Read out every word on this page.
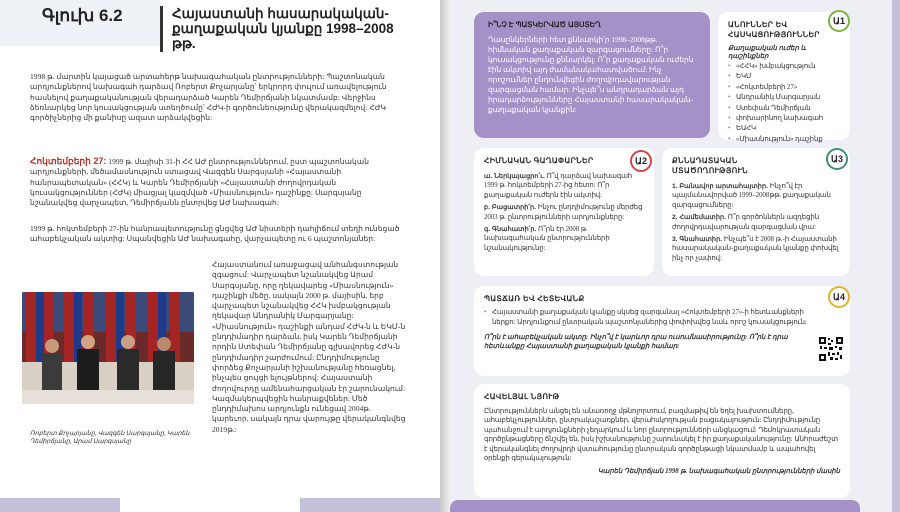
Գլուխ 6.2	Հայաստանի հասարակական-քաղաքական կյանքը 1998–2008 թթ.

1998 թ. մարտին կայացած արտահերթ նախագահական ընտրությունների: Պաշտոնական արդյունքներով նախագահ դարձավ Ռոբերտ Քոչարյանը՝ երկրորդ փուլում առավելություն հասնելով քաղաքականության վերադարձած Կարեն Դեմիրճյանի նկատմամբ: Վերջինս ձեռնարկեց նոր կուսակցության ստեղծումը՝ ՀԺԿ-ի գործունեությունը վերակազմելով: ՀԺԿ գործիչներից մի քանիսը ազատ արձակվեցին:

Հոկտեմբերի 27: 1999 թ. մայիսի 31-ի ՀՀ ԱԺ ընտրություններում, ըստ պաշտոնական արդյունքների, մեծամասնություն ստացավ Վազգեն Սարգսյանի «Հայաստանի հանրապետական» (ՀՀԿ) և Կարեն Դեմիրճյանի «Հայաստանի ժողովրդական կուսակցություններ (ՀԺԿ) միացյալ կազմված «Միասնություն» դաշինքը: Սարգսյանը նշանակվեց վարչապետ, Դեմիրճյանն ընտրվեց ԱԺ նախագահ:

1999 թ. հոկտեմբերի 27-ին հանրապետությունը ցնցվեց ԱԺ նիստերի դահլիճում տեղի ունեցած ահաբեկչական ակտից: Սպանվեցին ԱԺ նախագահը, վարչապետը ու 6 պաշտոնյաներ:

Հայաստանում առաջացավ անհանգստության զգացում: Վարչապետ նշանակվեց Արամ Սարգսյանը, որը ղեկավարեց «Միասնություն» դաշինքի մեծը, սակայն 2000 թ. մայիսին, երբ վարչապետ նշանակվեց ՀՀԿ խմբակցության ղեկավար Անդրանիկ Մարգարյանը: «Միասնություն» դաշինքի անդամ ՀԺԿ-ն և ԵԿՄ-ն ընդդիմադիր դարձան, իսկ Կարեն Դեմիրճյանի որդին Ստեփան Դեմիրճյանը գլխավորեց ՀԺԿ-ն ընդդիմադիր շարժումում: Ընդդիմությունը փորձեց Քոչարյանի իշխանությանը հեռացնել, ինչպես ցույցի ելույթներով: Հայաստանի ժողովուրդը ամենահարցական էր շարունակում: Կազմակերպվեցին հանրաքվեներ: Մեծ ընդդիմախոս արդյունքն ունեցավ 2004թ. կարեւոր, սակայն դրա վարույթը վերականգնվեց 2019թ.:

Ռոբերտ Քոչարյանը, Վազգեն Սարգսյանը, Կարեն Դեմիրճյանը, Արամ Սարգսյանը

Ի՞ՆՉ Է ՊԱՏԿԵՐՎԱԾ ԱՅՍՏԵՂ

Դասընկերների հետ քննարկի՛ր 1998–2008թթ. հիմնական քաղաքական զարգացումները: Ո՞ր կուսակցությունը քննարկել: Ո՞ր քաղաքական ուժերն էին ակտիվ այդ ժամանակահատվածում: Ինչ որոշումներ ընդունվեցին ժողովրդավարության զարգացման համար: Ինչպե՞ս անդրադարձան այդ իրադարձությունները Հայաստանի հասարակական-քաղաքական կյանքին:

ԱՆՈՒՆՆԵՐ ԵՎ ՀԱՍԿԱՑՈՒԹՅՈՒՆՆԵՐ
Քաղաքական ուժեր և դաշինքներ
• «ՀՀԿ» խմբակցություն
• ԵԿՄ
• «Հոկտեմբերի 27»
• Անդրանիկ Մարգարյան
• Ստեփան Դեմիրճյան
• փոխարինող նախագահ
• ԵԱՀԿ
• «Միասնություն» դաշինք
Ա1
ՀԻՄՆԱԿԱՆ ԳԱՂԱՓԱՐՆԵՐ

ա. Ներկայացրո՛ւ. Ո՞վ դարձավ նախագահ 1999 թ. հոկտեմբերի 27-ից հետո: Ո՞ր քաղաքական ուժերն էին ակտիվ:

բ. Բացատրի՛ր. Ինչու ընդդիմությունը մերժեց 2003 թ. ընտրությունների արդյունքները:

գ. Գնահատի՛ր. Ո՞րն էր 2008 թ. նախագահական ընտրությունների նշանակությունը:

Ա2	ՔՆՆԱԴԱՏԱԿԱՆ ՄՏԱԾՈՂՈՒԹՅՈՒՆ

1. Բանավոր արտահայտիր. Ինչո՞վ էր պայմանավորված 1999–2008թթ. քաղաքական զարգացումները:

2. Համեմատիր. Ո՞ր գործոններն ազդեցին ժողովրդավարության զարգացման վրա:

3. Գնահատիր. Ինչպե՞ս է 2008 թ.-ի Հայաստանի հասարակական-քաղաքական կյանքը փոխվել ինչ որ չափով:

Ա3
ՊԱՏՃԱՌ ԵՎ ՀԵՏԵՎԱՆՔ
• Հայաստանի քաղաքական կյանքը սկսեց զարգանալ «Հոկտեմբերի 27»-ի հետևանքների ներքո: Արդյունքում ընտրական պաշտոնյաներից փոփոխվեց նաև որոշ կուսակցություն:

Ո՞րն է ահաբեկչական ակտը: Ինչո՞վ է կարևոր դրա ուսումնասիրությունը: Ո՞րն է դրա հետևանքը Հայաստանի քաղաքական կյանքի համար:

Ա4
ՀԱՎԵԼՅԱԼ ՆՅՈՒԹ

Ընտրություններն անցել են անառողջ մթնոլորտում, բազմաթիվ են եղել խախտումները, ահաբեկչություններ, ընտրակաշառքներ, վերահսկողության բացակայություն: Ընդդիմությունը պահանջում է արդյունքների չեղարկում և նոր ընտրությունների անցկացում: Դեմոկրատական գործընթացները ճնշվել են, իսկ իշխանությունը շարունակել է իր քաղաքականությունը: Անհրաժեշտ է վերականգնել ժողովրդի վստահությունը ընտրական գործընթացի նկատմամբ և ապահովել օրենքի գերակայություն:

Կարեն Դեմիրճյան 1998 թ. նախագահական ընտրությունների մասին
